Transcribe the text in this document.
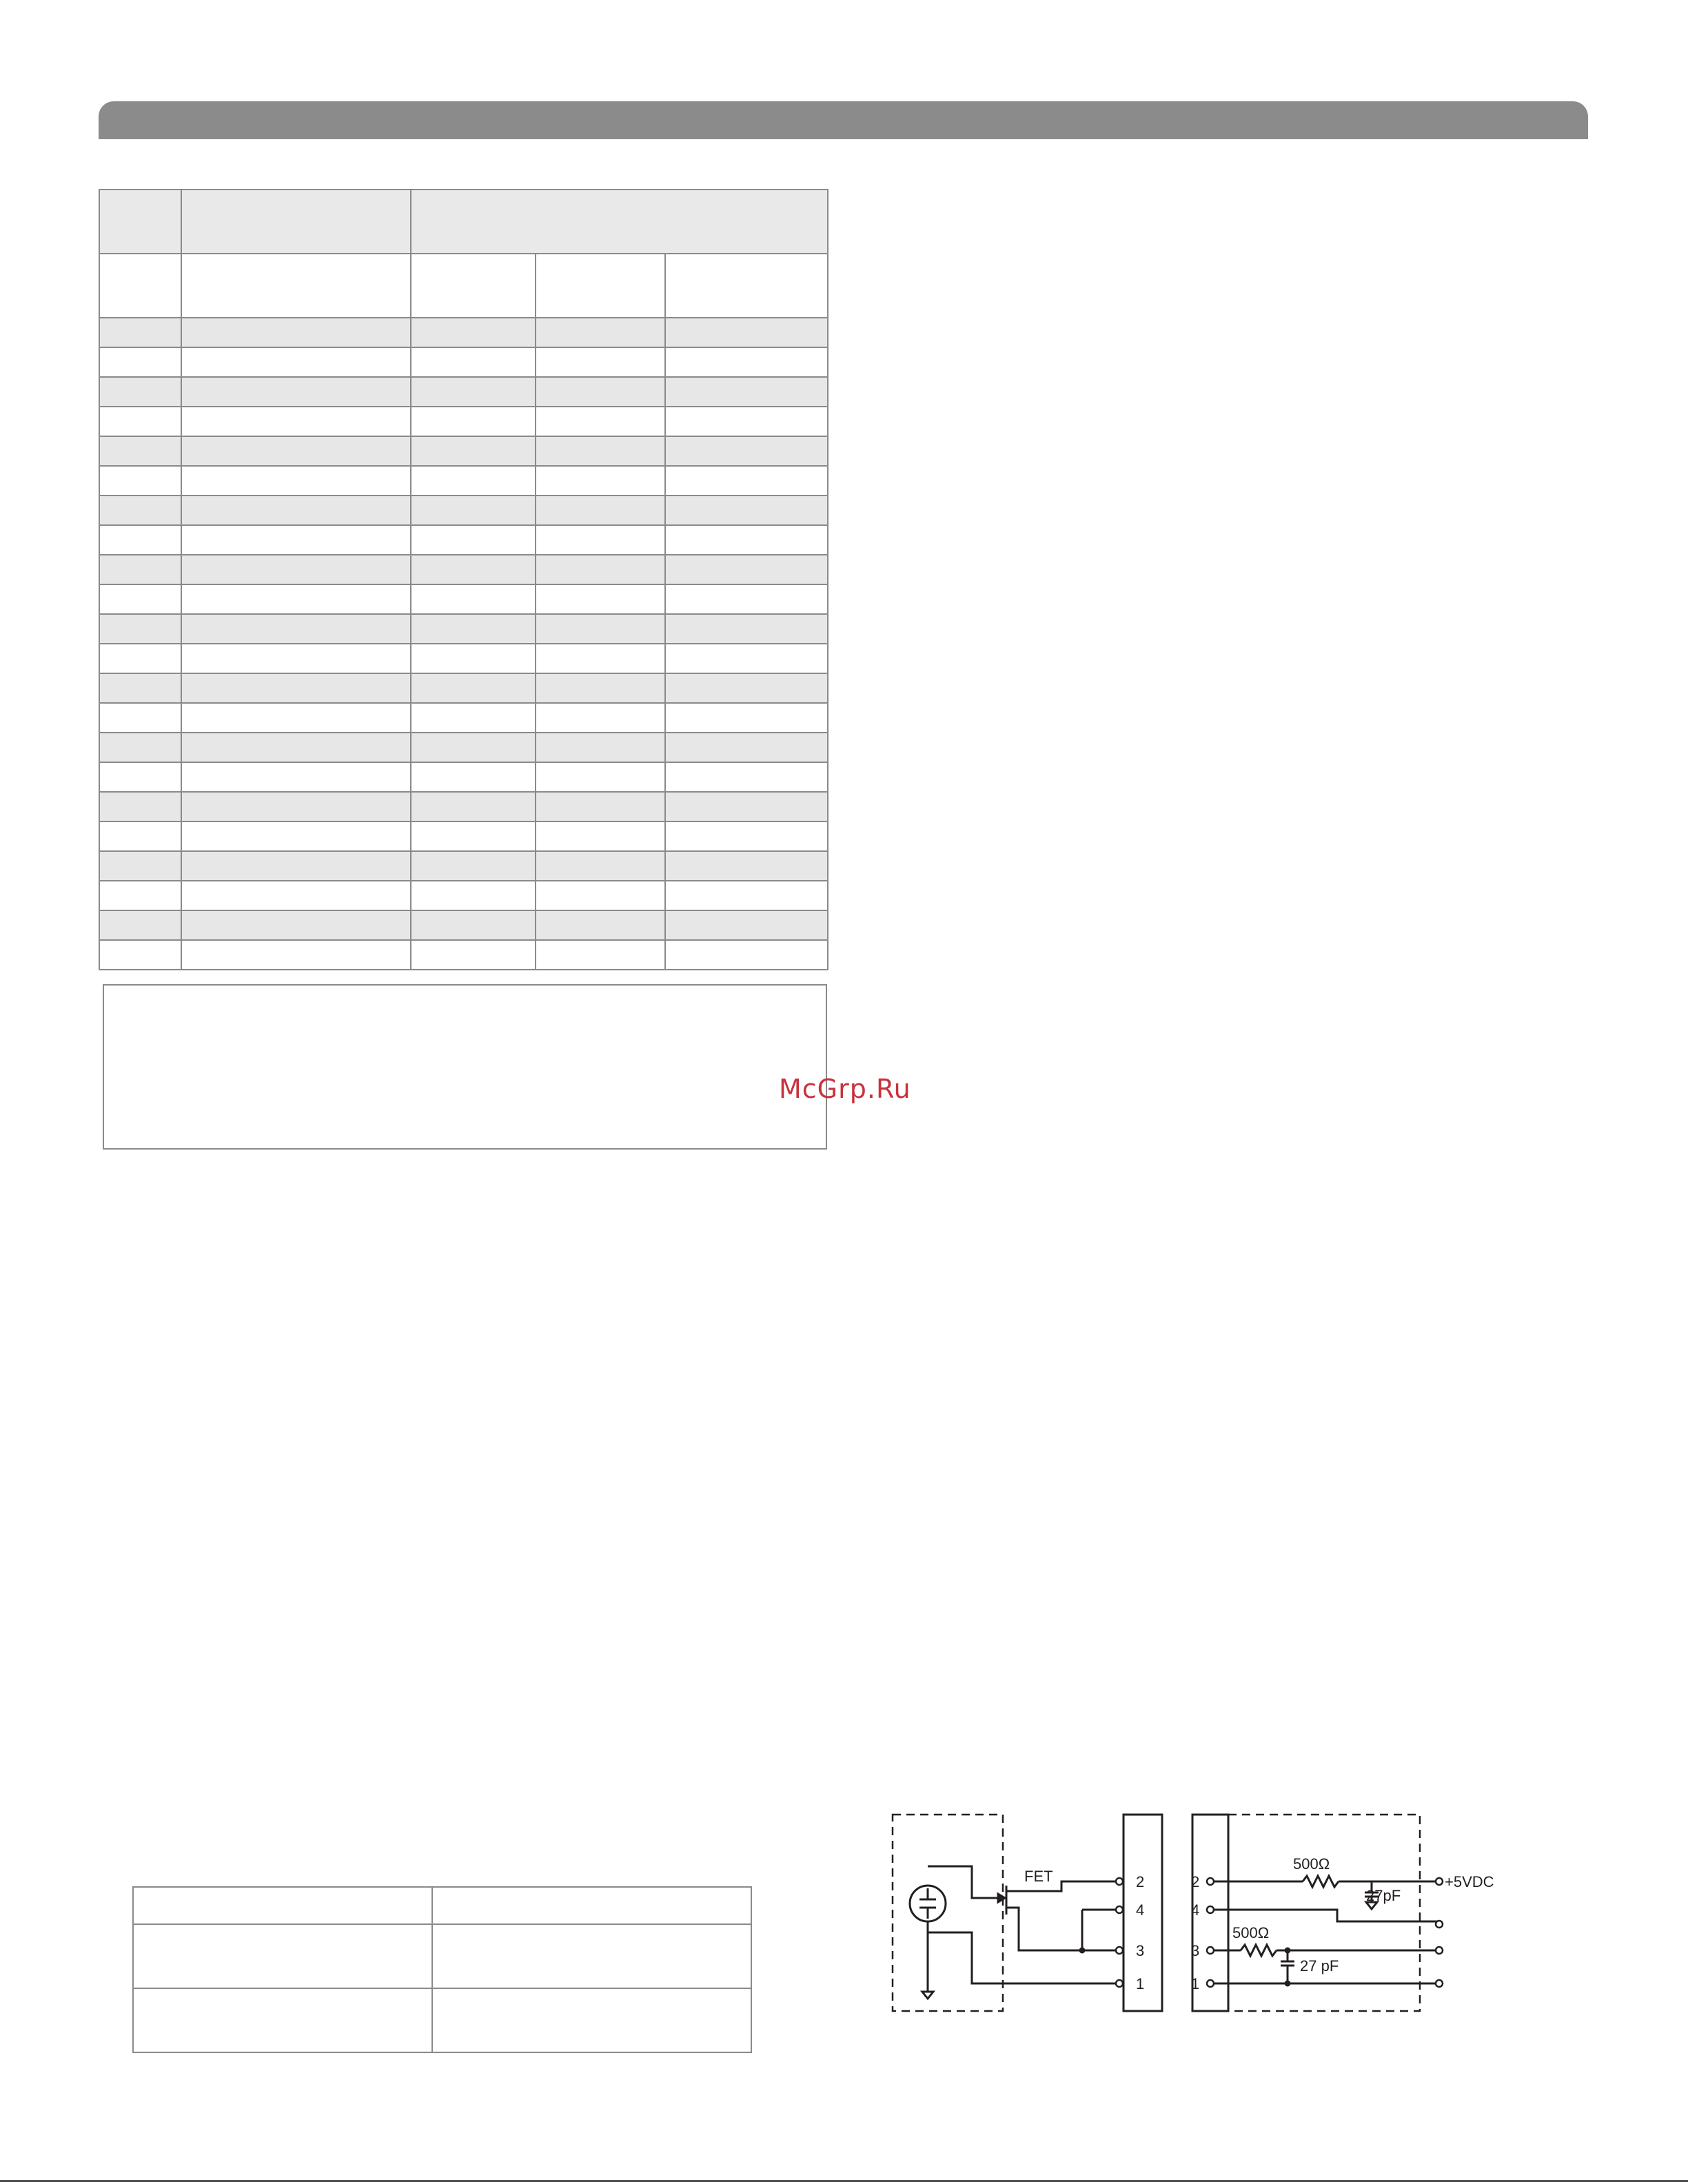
McGrp.Ru

FET	2
4
3
1
2
4
3
1
500Ω
27pF
+5VDC
500Ω
27 pF
